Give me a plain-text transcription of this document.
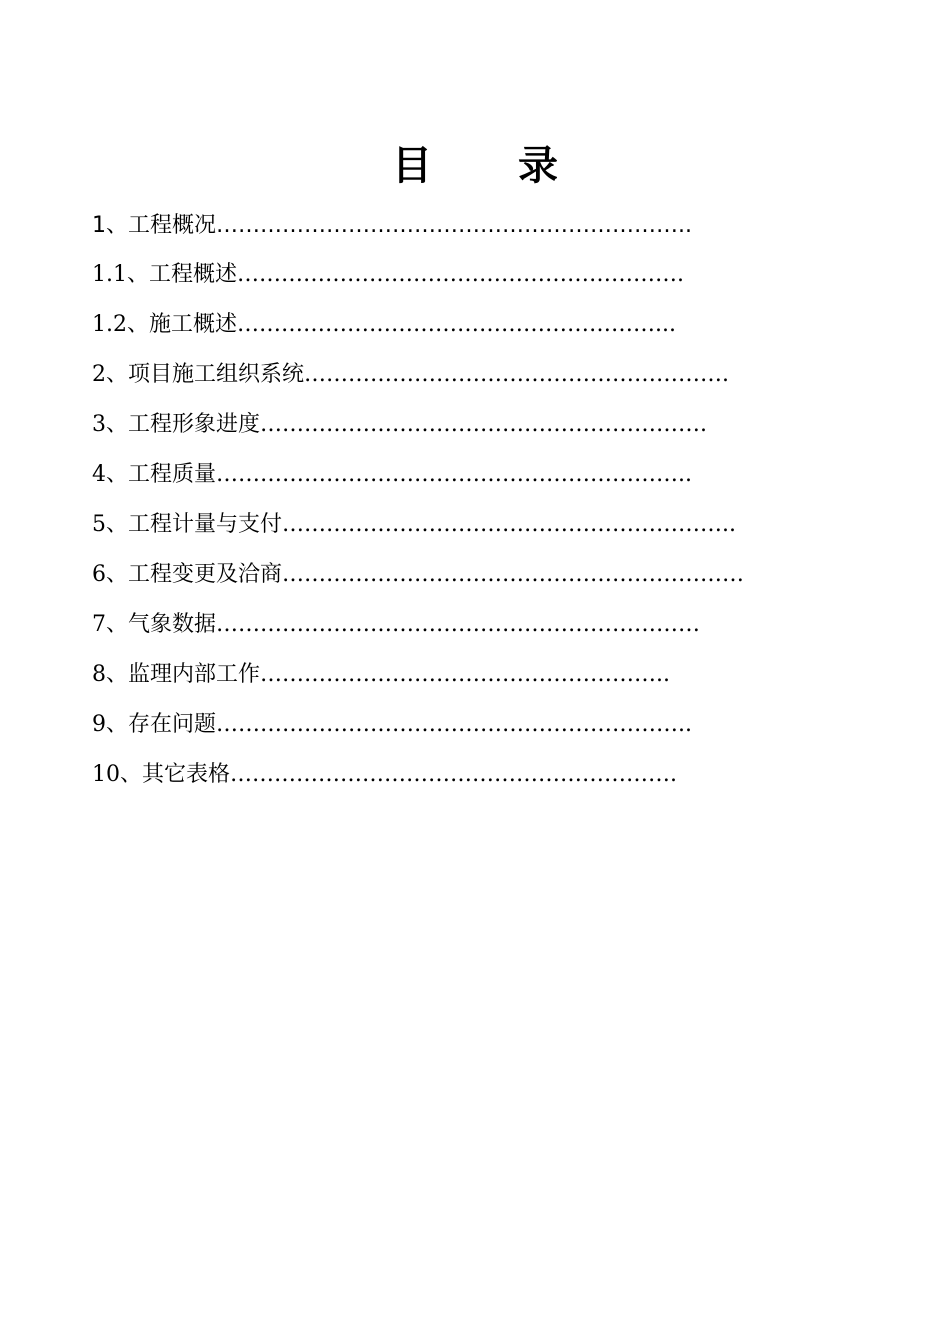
目 录
1、工程概况 ………………………………………………………..
1.1、工程概述 …………………………………………………….
1.2、施工概述 …………………………………………………...
2、项目施工组织系统 ………………………………………………….
3、工程形象进度 …………………………………………………….
4、工程质量 ………………………………………………………..
5、工程计量与支付 ……………………………………………………..
6、工程变更及洽商 ………………………………………………………
7、气象数据 …………………………………………………………
8、监理内部工作 ………………………………………………..
9、存在问题 ………………………………………………………..
10、其它表格 …………………………………………………….
